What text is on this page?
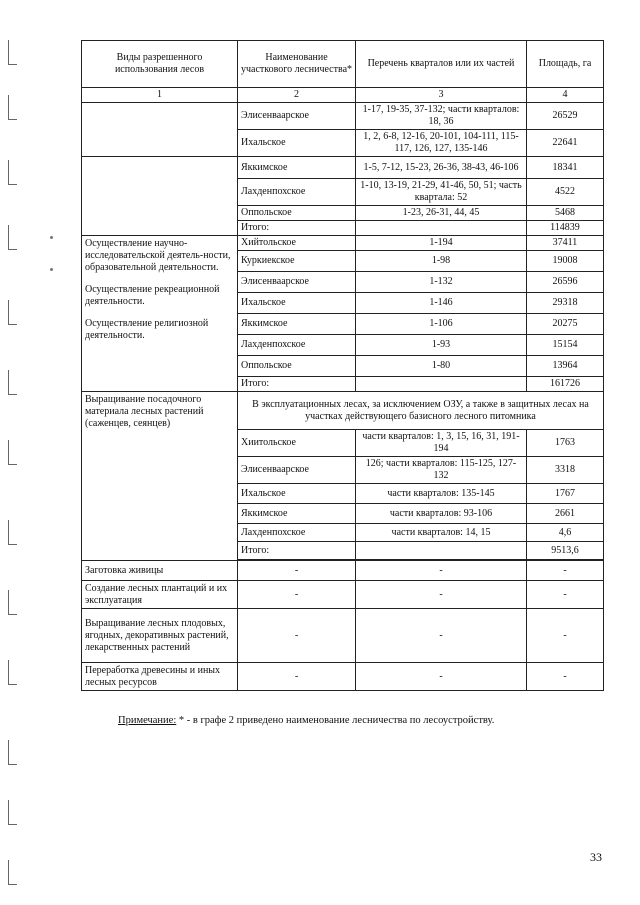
Виды разрешенного использования лесов	Наименование участкового лесничества*	Перечень кварталов или их частей	Площадь, га
1	2	3	4
	Элисенваарское	1-17, 19-35, 37-132; части кварталов: 18, 36	26529
	Ихальское	1, 2, 6-8, 12-16, 20-101, 104-111, 115-117, 126, 127, 135-146	22641
	Яккимское	1-5, 7-12, 15-23, 26-36, 38-43, 46-106	18341
	Лахденпохское	1-10, 13-19, 21-29, 41-46, 50, 51; часть квартала: 52	4522
	Оппольское	1-23, 26-31, 44, 45	5468
	Итого:		114839

Осуществление научно-исследовательской деятель-ности, образовательной деятельности.
Осуществление рекреационной деятельности.
Осуществление религиозной деятельности.	Хийтольское	1-194	37411
	Куркиекское	1-98	19008
	Элисенваарское	1-132	26596
	Ихальское	1-146	29318
	Яккимское	1-106	20275
	Лахденпохское	1-93	15154
	Оппольское	1-80	13964
	Итого:		161726
Выращивание посадочного материала лесных растений (саженцев, сеянцев)	В эксплуатационных лесах, за исключением ОЗУ, а также в защитных лесах на участках действующего базисного лесного питомника		
	Хиитольское	части кварталов: 1, 3, 15, 16, 31, 191-194	1763
	Элисенваарское	126; части кварталов: 115-125, 127-132	3318
	Ихальское	части кварталов: 135-145	1767
	Яккимское	части кварталов: 93-106	2661
	Лахденпохское	части кварталов: 14, 15	4,6
	Итого:		9513,6

Заготовка живицы	-	-	-
Создание лесных плантаций и их эксплуатация	-	-	-
Выращивание лесных плодовых, ягодных, декоративных растений, лекарственных растений	-	-	-
Переработка древесины и иных лесных ресурсов	-	-	-
Примечание: * - в графе 2 приведено наименование лесничества по лесоустройству.
33
